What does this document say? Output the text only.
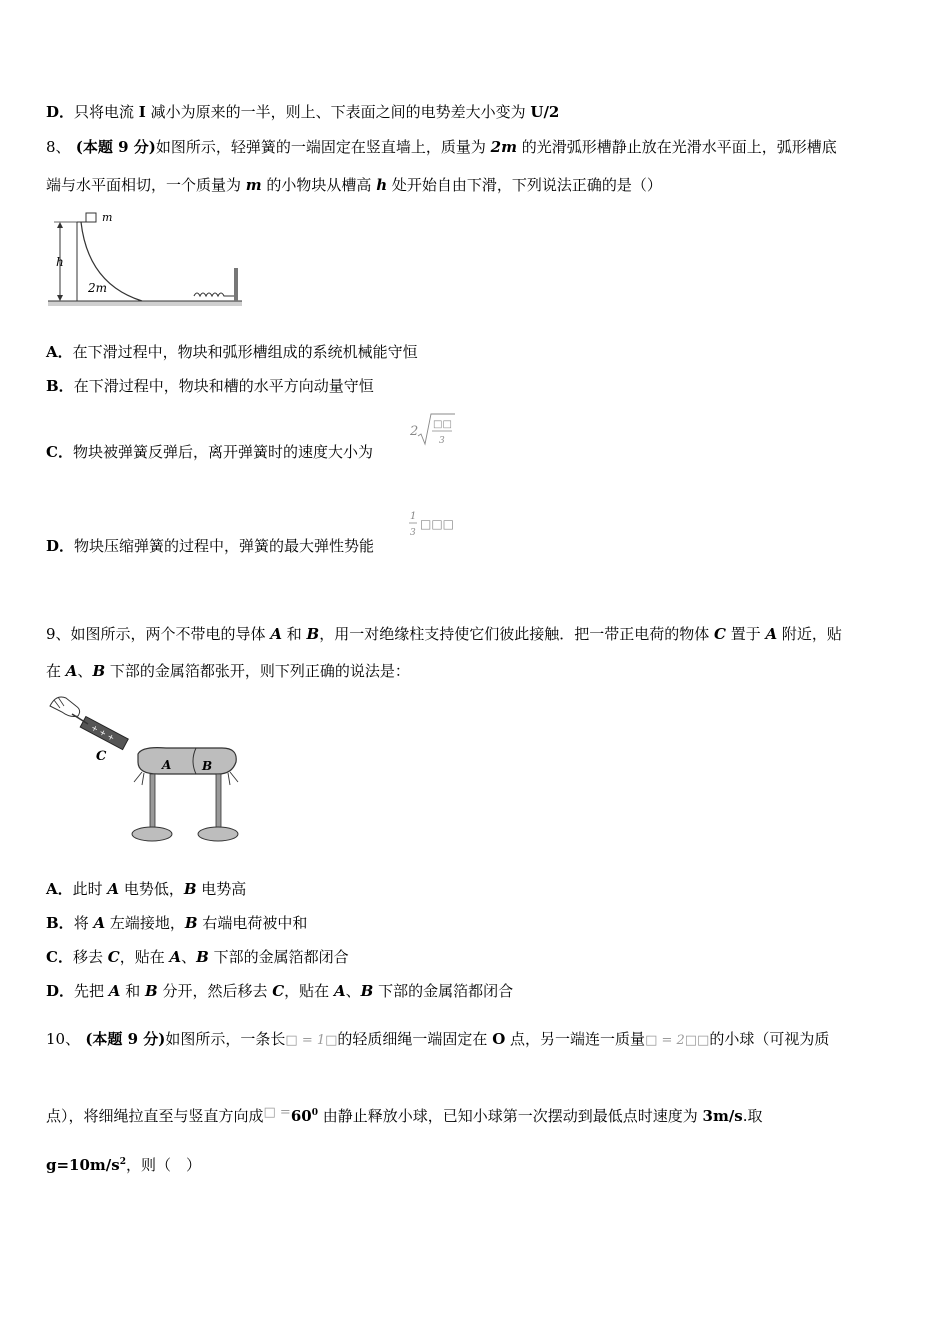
D．只将电流 I 减小为原来的一半，则上、下表面之间的电势差大小变为 U/2
8、 (本题 9 分)如图所示，轻弹簧的一端固定在竖直墙上，质量为 2m 的光滑弧形槽静止放在光滑水平面上，弧形槽底
端与水平面相切，一个质量为 m 的小物块从槽高 h 处开始自由下滑，下列说法正确的是（）
m
h
2m
A．在下滑过程中，物块和弧形槽组成的系统机械能守恒
B．在下滑过程中，物块和槽的水平方向动量守恒
C．物块被弹簧反弹后，离开弹簧时的速度大小为
2 □□
3
D．物块压缩弹簧的过程中，弹簧的最大弹性势能
1
3
□□□
9、如图所示，两个不带电的导体 A 和 B，用一对绝缘柱支持使它们彼此接触．把一带正电荷的物体 C 置于 A 附近，贴
在 A、B 下部的金属箔都张开，则下列正确的说法是：
+ + +
C
A	B
A．此时 A 电势低，B 电势高
B．将 A 左端接地，B 右端电荷被中和
C．移去 C，贴在 A、B 下部的金属箔都闭合
D．先把 A 和 B 分开，然后移去 C，贴在 A、B 下部的金属箔都闭合
10、 (本题 9 分)如图所示，一条长□ = 1□的轻质细绳一端固定在 O 点，另一端连一质量□ = 2□□的小球（可视为质
点），将细绳拉直至与竖直方向成□ $=60^0$ 由静止释放小球，已知小球第一次摆动到最低点时速度为 3m/s.取
$g=10m/s^2$，则（　）
